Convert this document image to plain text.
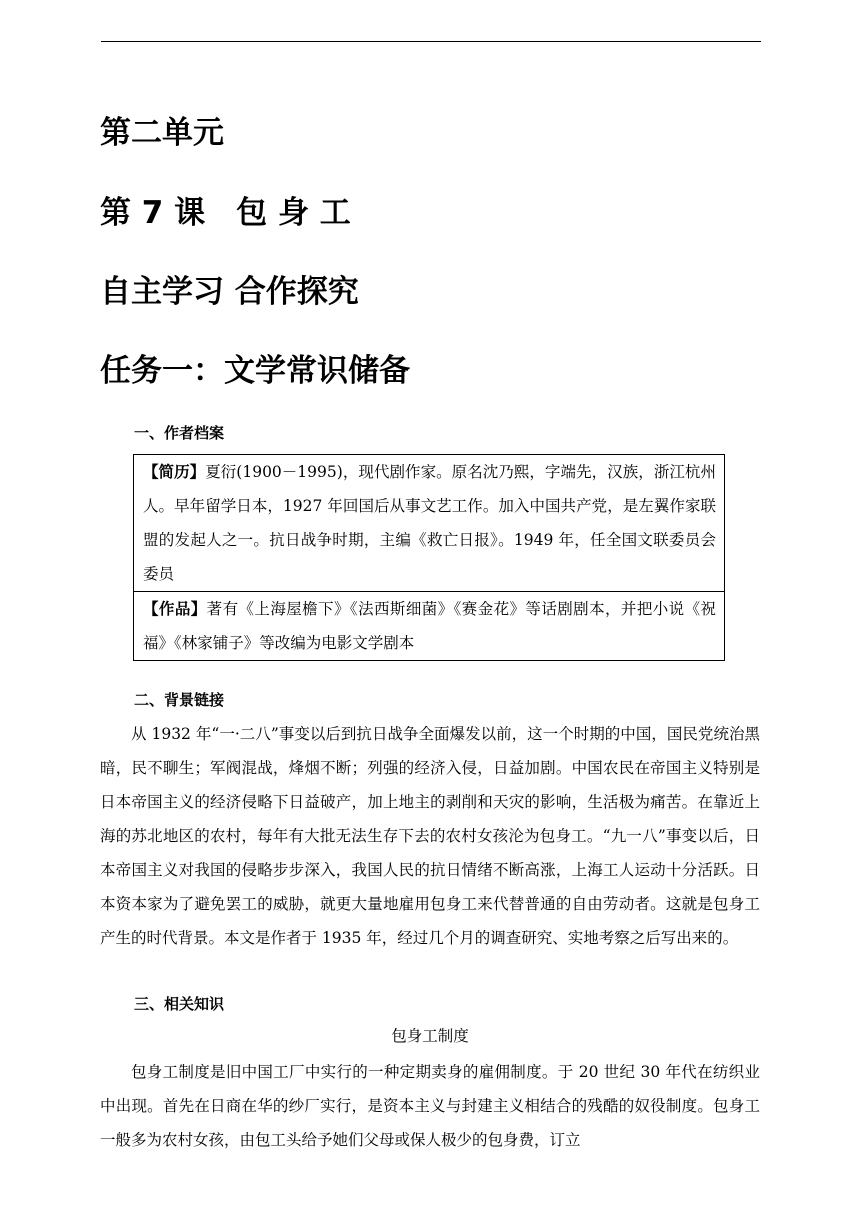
第二单元
第 7 课　包 身 工
自主学习 合作探究
任务一：文学常识储备
一、作者档案
【简历】夏衍(1900－1995)，现代剧作家。原名沈乃熙，字端先，汉族，浙江杭州人。早年留学日本，1927 年回国后从事文艺工作。加入中国共产党，是左翼作家联盟的发起人之一。抗日战争时期，主编《救亡日报》。1949 年，任全国文联委员会委员
【作品】著有《上海屋檐下》《法西斯细菌》《赛金花》等话剧剧本，并把小说《祝福》《林家铺子》等改编为电影文学剧本
二、背景链接

从 1932 年“一·二八”事变以后到抗日战争全面爆发以前，这一个时期的中国，国民党统治黑暗，民不聊生；军阀混战，烽烟不断；列强的经济入侵，日益加剧。中国农民在帝国主义特别是日本帝国主义的经济侵略下日益破产，加上地主的剥削和天灾的影响，生活极为痛苦。在靠近上海的苏北地区的农村，每年有大批无法生存下去的农村女孩沦为包身工。“九一八”事变以后，日本帝国主义对我国的侵略步步深入，我国人民的抗日情绪不断高涨，上海工人运动十分活跃。日本资本家为了避免罢工的威胁，就更大量地雇用包身工来代替普通的自由劳动者。这就是包身工产生的时代背景。本文是作者于 1935 年，经过几个月的调查研究、实地考察之后写出来的。

三、相关知识

包身工制度

包身工制度是旧中国工厂中实行的一种定期卖身的雇佣制度。于 20 世纪 30 年代在纺织业中出现。首先在日商在华的纱厂实行，是资本主义与封建主义相结合的残酷的奴役制度。包身工一般多为农村女孩，由包工头给予她们父母或保人极少的包身费，订立
